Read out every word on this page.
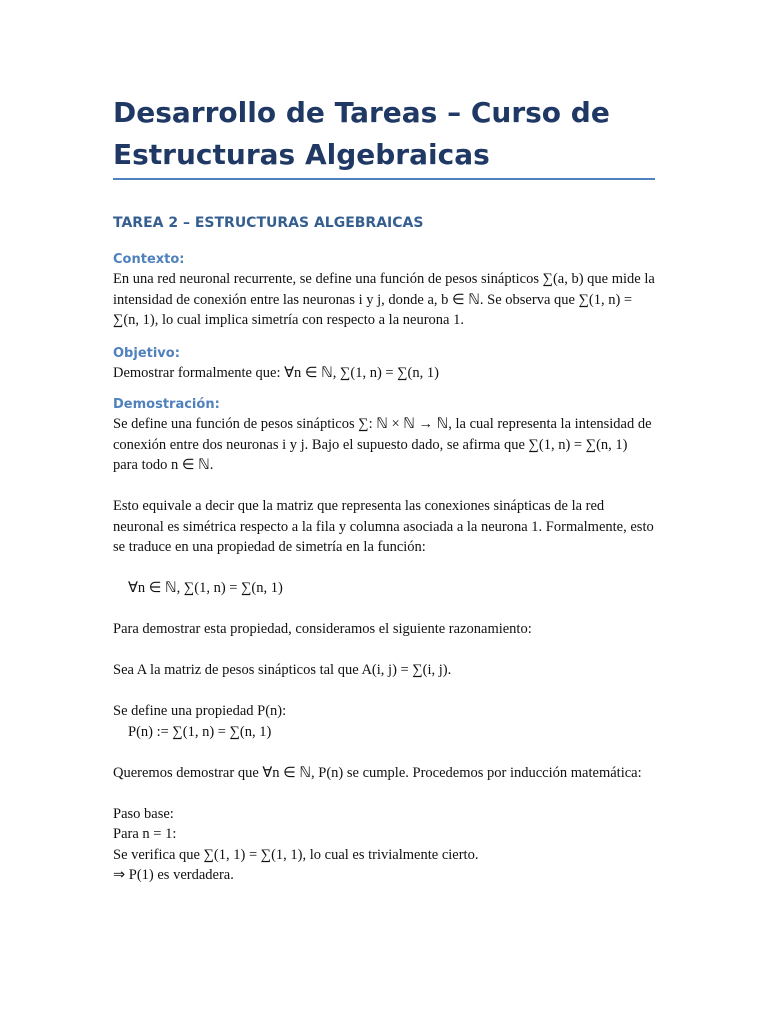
Desarrollo de Tareas – Curso de Estructuras Algebraicas
TAREA 2 – ESTRUCTURAS ALGEBRAICAS
Contexto:

En una red neuronal recurrente, se define una función de pesos sinápticos ∑(a, b) que mide la intensidad de conexión entre las neuronas i y j, donde a, b ∈ ℕ. Se observa que ∑(1, n) = ∑(n, 1), lo cual implica simetría con respecto a la neurona 1.

Objetivo:

Demostrar formalmente que: ∀n ∈ ℕ, ∑(1, n) = ∑(n, 1)

Demostración:

Se define una función de pesos sinápticos ∑: ℕ × ℕ → ℕ, la cual representa la intensidad de conexión entre dos neuronas i y j. Bajo el supuesto dado, se afirma que ∑(1, n) = ∑(n, 1) para todo n ∈ ℕ.

Esto equivale a decir que la matriz que representa las conexiones sinápticas de la red neuronal es simétrica respecto a la fila y columna asociada a la neurona 1. Formalmente, esto se traduce en una propiedad de simetría en la función:

∀n ∈ ℕ, ∑(1, n) = ∑(n, 1)

Para demostrar esta propiedad, consideramos el siguiente razonamiento:

Sea A la matriz de pesos sinápticos tal que A(i, j) = ∑(i, j).

Se define una propiedad P(n):

P(n) := ∑(1, n) = ∑(n, 1)

Queremos demostrar que ∀n ∈ ℕ, P(n) se cumple. Procedemos por inducción matemática:

Paso base:

Para n = 1:

Se verifica que ∑(1, 1) = ∑(1, 1), lo cual es trivialmente cierto.

⇒ P(1) es verdadera.
